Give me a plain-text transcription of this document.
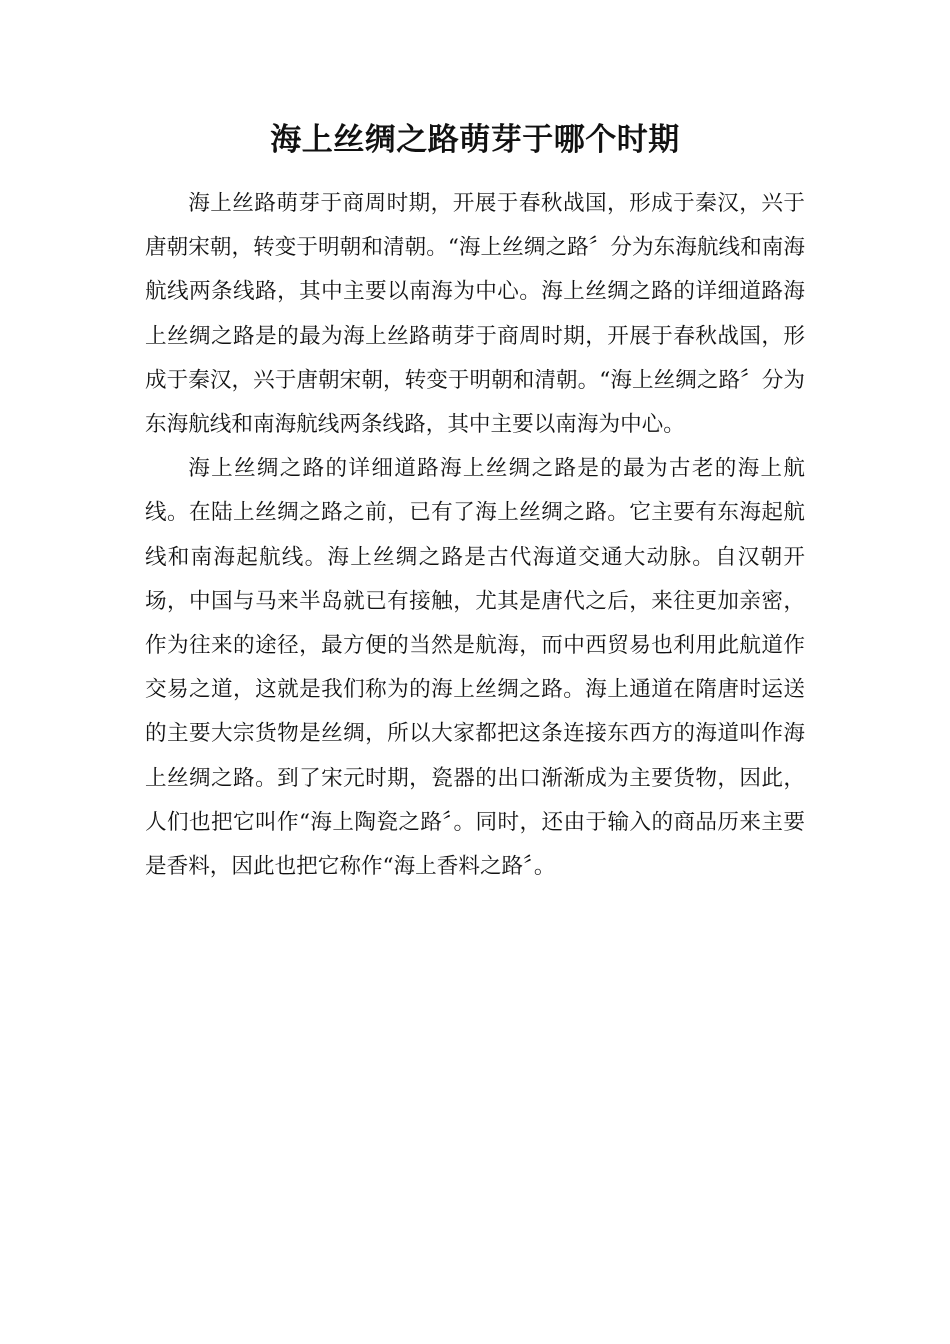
海上丝绸之路萌芽于哪个时期

海上丝路萌芽于商周时期，开展于春秋战国，形成于秦汉，兴于唐朝宋朝，转变于明朝和清朝。“海上丝绸之路〞分为东海航线和南海航线两条线路，其中主要以南海为中心。海上丝绸之路的详细道路海上丝绸之路是的最为海上丝路萌芽于商周时期，开展于春秋战国，形成于秦汉，兴于唐朝宋朝，转变于明朝和清朝。“海上丝绸之路〞分为东海航线和南海航线两条线路，其中主要以南海为中心。

海上丝绸之路的详细道路海上丝绸之路是的最为古老的海上航线。在陆上丝绸之路之前，已有了海上丝绸之路。它主要有东海起航线和南海起航线。海上丝绸之路是古代海道交通大动脉。自汉朝开场，中国与马来半岛就已有接触，尤其是唐代之后，来往更加亲密，作为往来的途径，最方便的当然是航海，而中西贸易也利用此航道作交易之道，这就是我们称为的海上丝绸之路。海上通道在隋唐时运送的主要大宗货物是丝绸，所以大家都把这条连接东西方的海道叫作海上丝绸之路。到了宋元时期，瓷器的出口渐渐成为主要货物，因此，人们也把它叫作“海上陶瓷之路〞。同时，还由于输入的商品历来主要是香料，因此也把它称作“海上香料之路〞。
